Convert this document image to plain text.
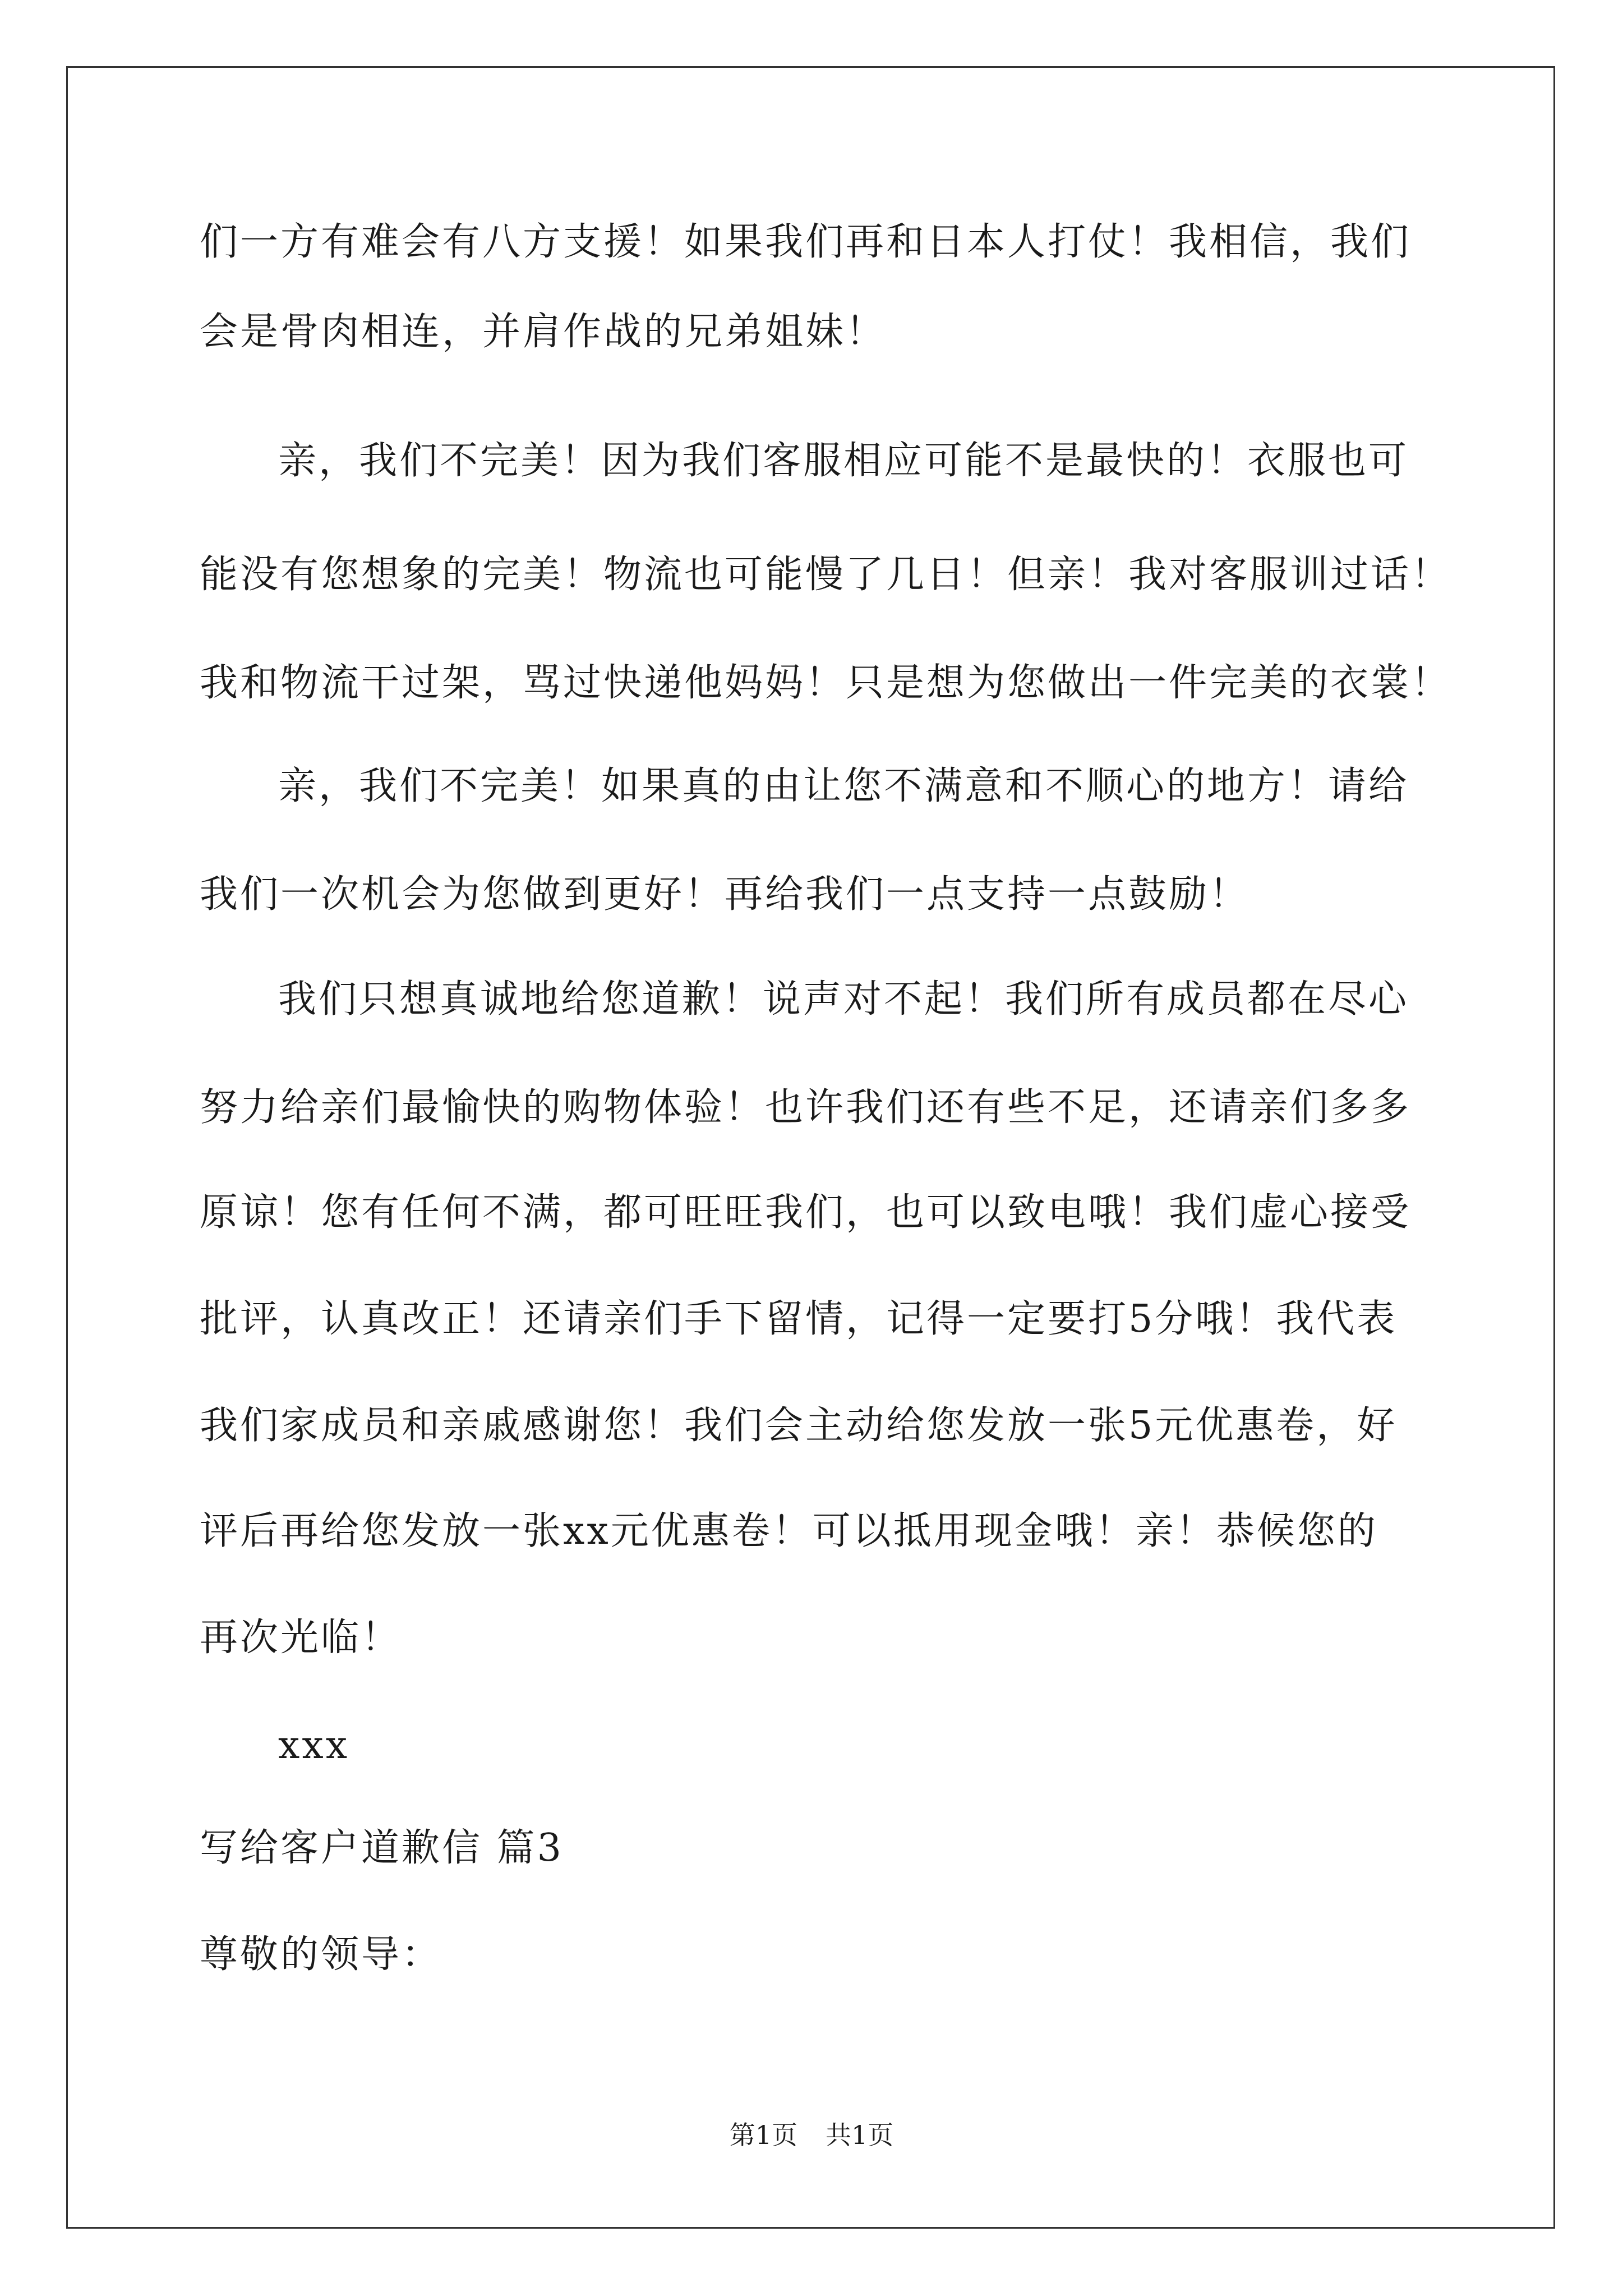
们一方有难会有八方支援！如果我们再和日本人打仗！我相信，我们
会是骨肉相连，并肩作战的兄弟姐妹！
亲，我们不完美！因为我们客服相应可能不是最快的！衣服也可
能没有您想象的完美！物流也可能慢了几日！但亲！我对客服训过话！
我和物流干过架，骂过快递他妈妈！只是想为您做出一件完美的衣裳！
亲，我们不完美！如果真的由让您不满意和不顺心的地方！请给
我们一次机会为您做到更好！再给我们一点支持一点鼓励！
我们只想真诚地给您道歉！说声对不起！我们所有成员都在尽心
努力给亲们最愉快的购物体验！也许我们还有些不足，还请亲们多多
原谅！您有任何不满，都可旺旺我们，也可以致电哦！我们虚心接受
批评，认真改正！还请亲们手下留情，记得一定要打5分哦！我代表
我们家成员和亲戚感谢您！我们会主动给您发放一张5元优惠卷，好
评后再给您发放一张xx元优惠卷！可以抵用现金哦！亲！恭候您的
再次光临！
xxx
写给客户道歉信 篇3
尊敬的领导：
第1页 共1页
